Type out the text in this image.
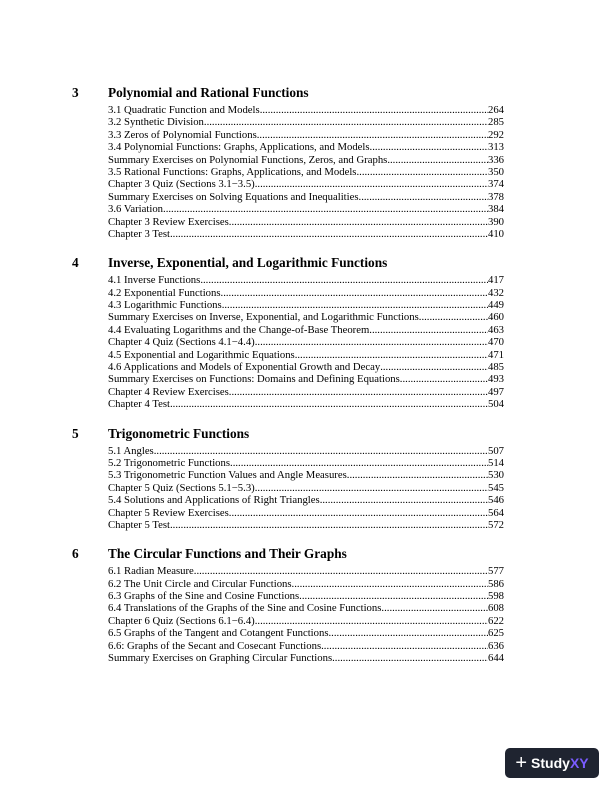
3 Polynomial and Rational Functions
3.1 Quadratic Function and Models .....	264
3.2 Synthetic Division .....	285
3.3 Zeros of Polynomial Functions .....	292
3.4 Polynomial Functions: Graphs, Applications, and Models .....	313
Summary Exercises on Polynomial Functions, Zeros, and Graphs .....	336
3.5 Rational Functions: Graphs, Applications, and Models .....	350
Chapter 3 Quiz (Sections 3.1−3.5) .....	374
Summary Exercises on Solving Equations and Inequalities .....	378
3.6 Variation .....	384
Chapter 3 Review Exercises .....	390
Chapter 3 Test .....	410
4 Inverse, Exponential, and Logarithmic Functions
4.1 Inverse Functions .....	417
4.2 Exponential Functions .....	432
4.3 Logarithmic Functions .....	449
Summary Exercises on Inverse, Exponential, and Logarithmic Functions .....	460
4.4 Evaluating Logarithms and the Change-of-Base Theorem .....	463
Chapter 4 Quiz (Sections 4.1−4.4) .....	470
4.5 Exponential and Logarithmic Equations .....	471
4.6 Applications and Models of Exponential Growth and Decay .....	485
Summary Exercises on Functions: Domains and Defining Equations .....	493
Chapter 4 Review Exercises .....	497
Chapter 4 Test .....	504
5 Trigonometric Functions
5.1 Angles .....	507
5.2 Trigonometric Functions .....	514
5.3 Trigonometric Function Values and Angle Measures .....	530
Chapter 5 Quiz (Sections 5.1−5.3) .....	545
5.4 Solutions and Applications of Right Triangles .....	546
Chapter 5 Review Exercises .....	564
Chapter 5 Test .....	572
6 The Circular Functions and Their Graphs
6.1 Radian Measure .....	577
6.2 The Unit Circle and Circular Functions .....	586
6.3 Graphs of the Sine and Cosine Functions .....	598
6.4 Translations of the Graphs of the Sine and Cosine Functions .....	608
Chapter 6 Quiz (Sections 6.1−6.4) .....	622
6.5 Graphs of the Tangent and Cotangent Functions .....	625
6.6: Graphs of the Secant and Cosecant Functions .....	636
Summary Exercises on Graphing Circular Functions .....	644
+ Study XY
